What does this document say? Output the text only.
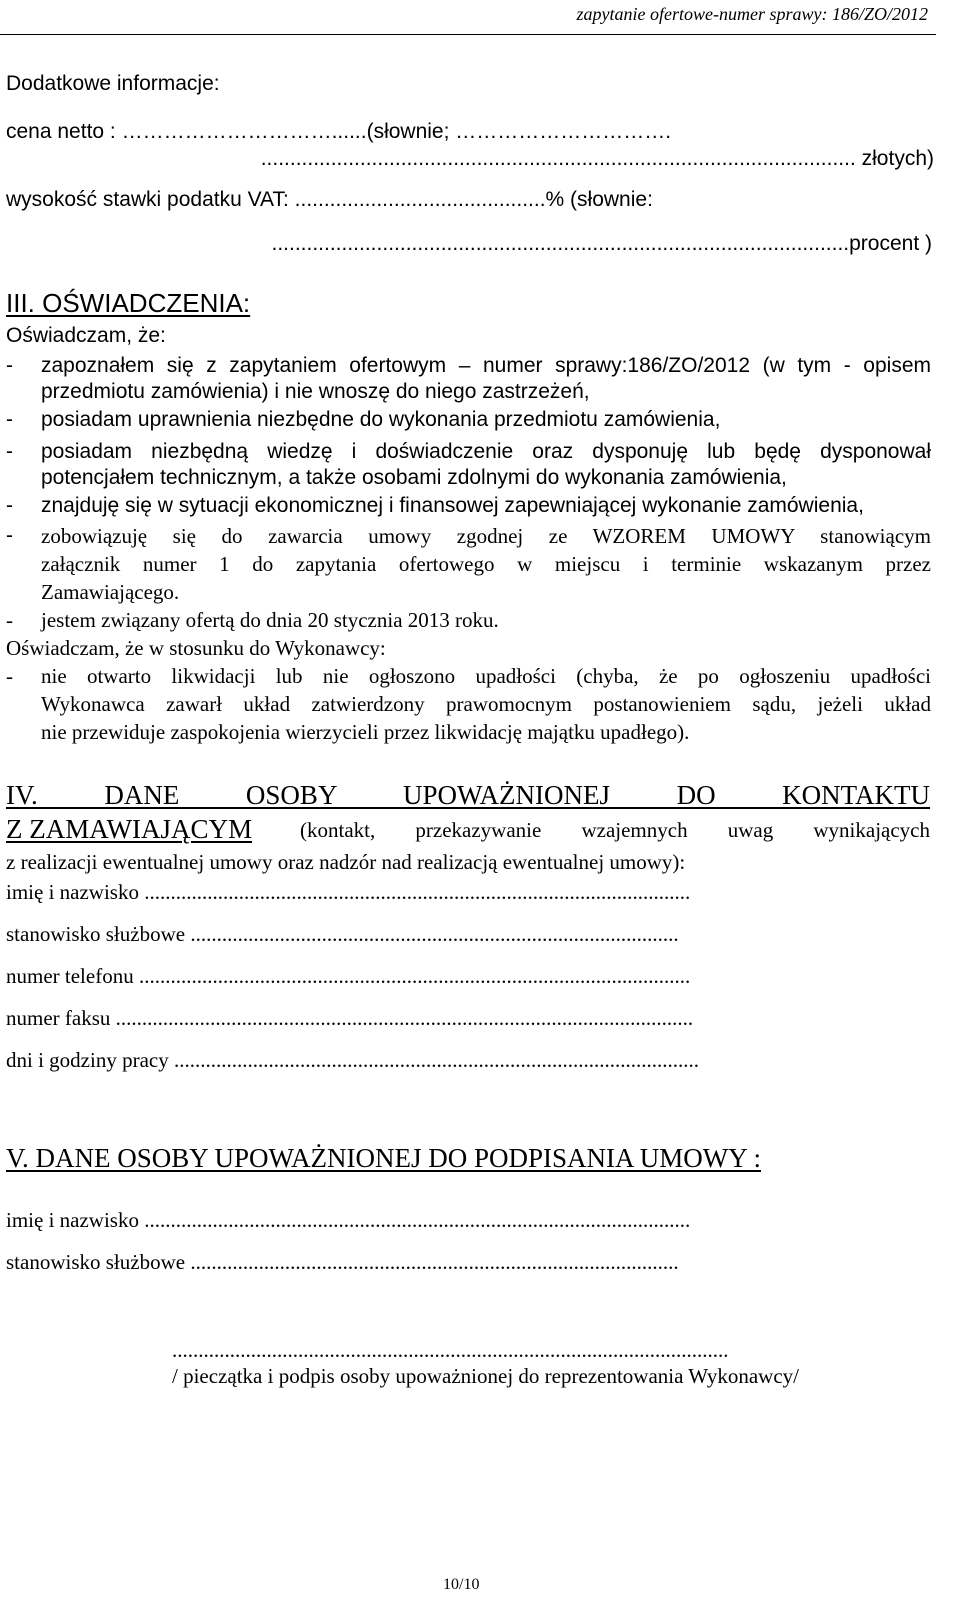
zapytanie ofertowe-numer sprawy: 186/ZO/2012
Dodatkowe informacje:
cena netto : …………………………......(słownie; ………………………….
...................................................................................................... złotych)
wysokość stawki podatku VAT: ...........................................% (słownie:
...................................................................................................procent )
III. OŚWIADCZENIA:
Oświadczam, że:
- zapoznałem się z zapytaniem ofertowym – numer sprawy:186/ZO/2012 (w tym - opisem
przedmiotu zamówienia) i nie wnoszę do niego zastrzeżeń,
- posiadam uprawnienia niezbędne do wykonania przedmiotu zamówienia,
- posiadam niezbędną wiedzę i doświadczenie oraz dysponuję lub będę dysponował
potencjałem technicznym, a także osobami zdolnymi do wykonania zamówienia,
- znajduję się w sytuacji ekonomicznej i finansowej zapewniającej wykonanie zamówienia,
- zobowiązuję się do zawarcia umowy zgodnej ze WZOREM UMOWY stanowiącym
załącznik numer 1 do zapytania ofertowego w miejscu i terminie wskazanym przez
Zamawiającego.
- jestem związany ofertą do dnia 20 stycznia 2013 roku.
Oświadczam, że w stosunku do Wykonawcy:
- nie otwarto likwidacji lub nie ogłoszono upadłości (chyba, że po ogłoszeniu upadłości
Wykonawca zawarł układ zatwierdzony prawomocnym postanowieniem sądu, jeżeli układ
nie przewiduje zaspokojenia wierzycieli przez likwidację majątku upadłego).
IV. DANE OSOBY UPOWAŻNIONEJ DO KONTAKTU
Z ZAMAWIAJĄCYM (kontakt, przekazywanie wzajemnych uwag wynikających
z realizacji ewentualnej umowy oraz nadzór nad realizacją ewentualnej umowy):
imię i nazwisko ........................................................................................................
stanowisko służbowe .............................................................................................
numer telefonu .........................................................................................................
numer faksu ..............................................................................................................
dni i godziny pracy ....................................................................................................
V. DANE OSOBY UPOWAŻNIONEJ DO PODPISANIA UMOWY :
imię i nazwisko ........................................................................................................
stanowisko służbowe .............................................................................................
..........................................................................................................
/ pieczątka i podpis osoby upoważnionej do reprezentowania Wykonawcy/
10/10
